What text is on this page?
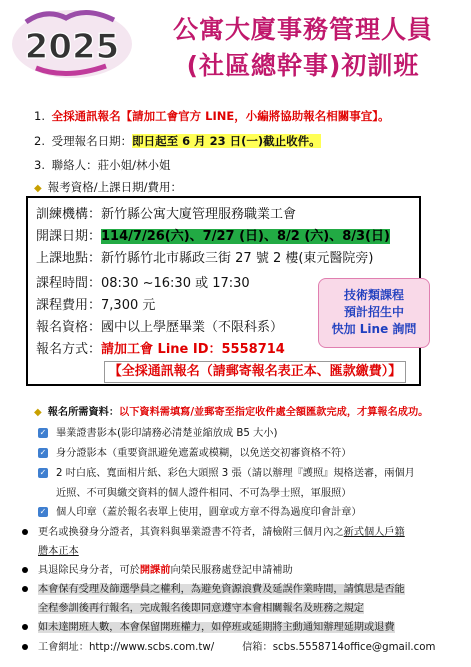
2025	公寓大廈事務管理人員
(社區總幹事)初訓班
1. 全採通訊報名【請加工會官方 LINE，小編將協助報名相關事宜】。
2. 受理報名日期：即日起至 6 月 23 日(一)截止收件。
3. 聯絡人：莊小姐/林小姐
◆ 報考資格/上課日期/費用：
訓練機構：新竹縣公寓大廈管理服務職業工會
開課日期：114/7/26(六)、7/27 (日)、8/2 (六)、8/3(日)
上課地點：新竹縣竹北市縣政三街 27 號 2 樓(東元醫院旁)
課程時間：08:30 ~16:30 或 17:30
課程費用：7,300 元
報名資格：國中以上學歷畢業（不限科系）
報名方式：請加工會 Line ID：5558714
【全採通訊報名（請郵寄報名表正本、匯款繳費）】
技術類課程
預計招生中
快加 Line 詢問
◆ 報名所需資料：以下資料需填寫/並郵寄至指定收件處全額匯款完成，才算報名成功。
✓ 畢業證書影本(影印請務必清楚並縮放成 B5 大小)
✓ 身分證影本（重要資訊避免遮蓋或模糊，以免送交初審資格不符）
✓ 2 吋白底、寬面相片紙、彩色大頭照 3 張（請以辦理『護照』規格送審，兩個月
近照、不可與繳交資料的個人證件相同、不可為學士照，軍服照）
✓ 個人印章（蓋於報名表單上使用，圓章或方章不得為過度印會計章）
更名或換發身分證者，其資料與畢業證書不符者，請檢附三個月內之新式個人戶籍
謄本正本
具退除民身分者，可於開課前向榮民服務處登記申請補助
本會保有受理及篩選學員之權利，為避免資源浪費及延誤作業時間，請慎思是否能
全程參訓後再行報名，完成報名後即同意遵守本會相關報名及班務之規定
如未達開班人數，本會保留開班權力，如停班或延期將主動通知辦理延期或退費
工會網址：http://www.scbs.com.tw/	信箱：scbs.5558714office@gmail.com
